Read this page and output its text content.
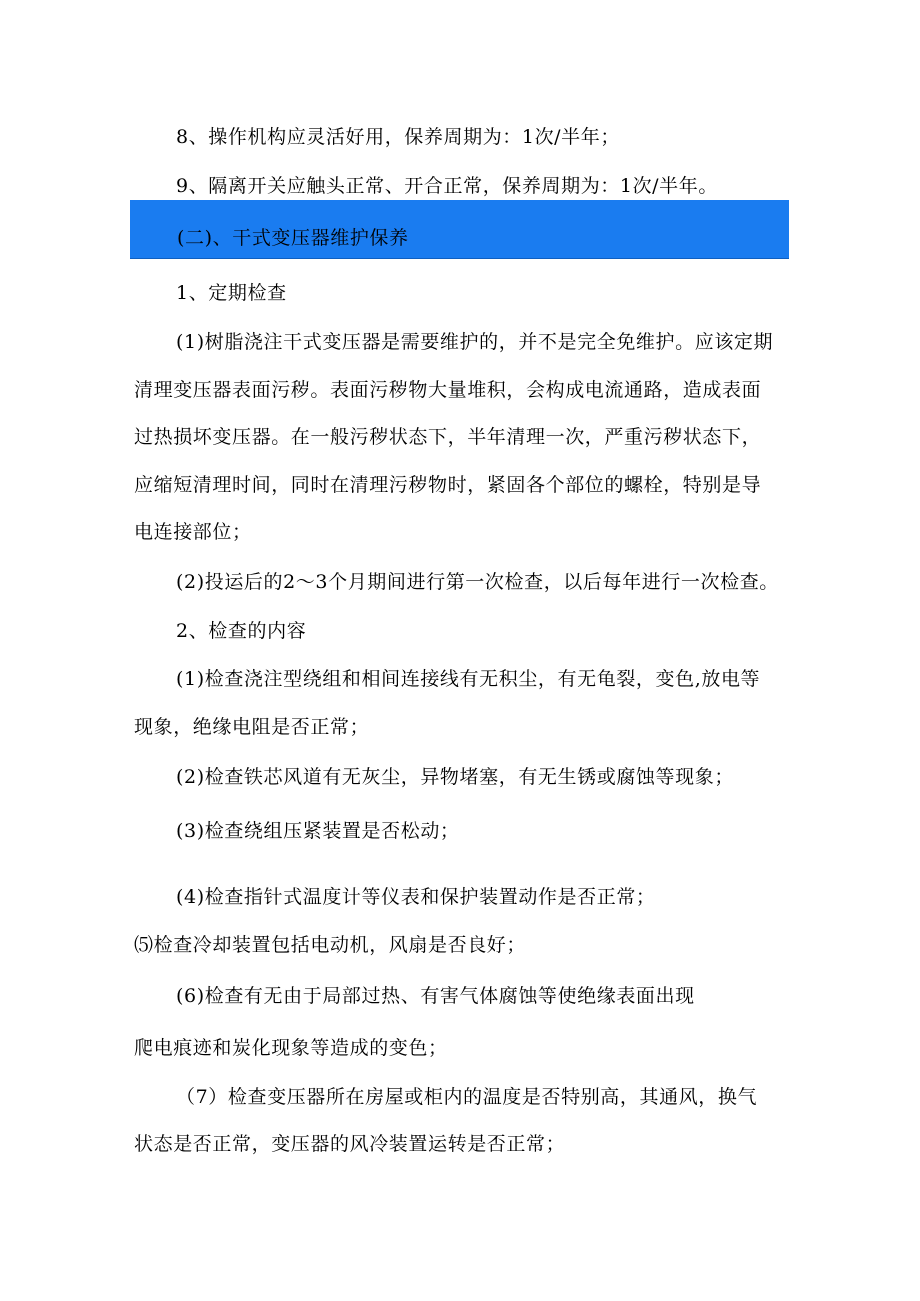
8、操作机构应灵活好用，保养周期为：1次/半年；
9、隔离开关应触头正常、开合正常，保养周期为：1次/半年。
(二)、干式变压器维护保养
1、定期检查
(1)树脂浇注干式变压器是需要维护的，并不是完全免维护。应该定期
清理变压器表面污秽。表面污秽物大量堆积，会构成电流通路，造成表面
过热损坏变压器。在一般污秽状态下，半年清理一次，严重污秽状态下，
应缩短清理时间，同时在清理污秽物时，紧固各个部位的螺栓，特别是导
电连接部位；
(2)投运后的2～3个月期间进行第一次检查，以后每年进行一次检查。
2、检查的内容
(1)检查浇注型绕组和相间连接线有无积尘，有无龟裂，变色,放电等
现象，绝缘电阻是否正常；
(2)检查铁芯风道有无灰尘，异物堵塞，有无生锈或腐蚀等现象；
(3)检查绕组压紧装置是否松动；
(4)检查指针式温度计等仪表和保护装置动作是否正常；
⑸检查冷却装置包括电动机，风扇是否良好；
(6)检查有无由于局部过热、有害气体腐蚀等使绝缘表面出现
爬电痕迹和炭化现象等造成的变色；
（7）检查变压器所在房屋或柜内的温度是否特别高，其通风，换气
状态是否正常，变压器的风冷装置运转是否正常；
